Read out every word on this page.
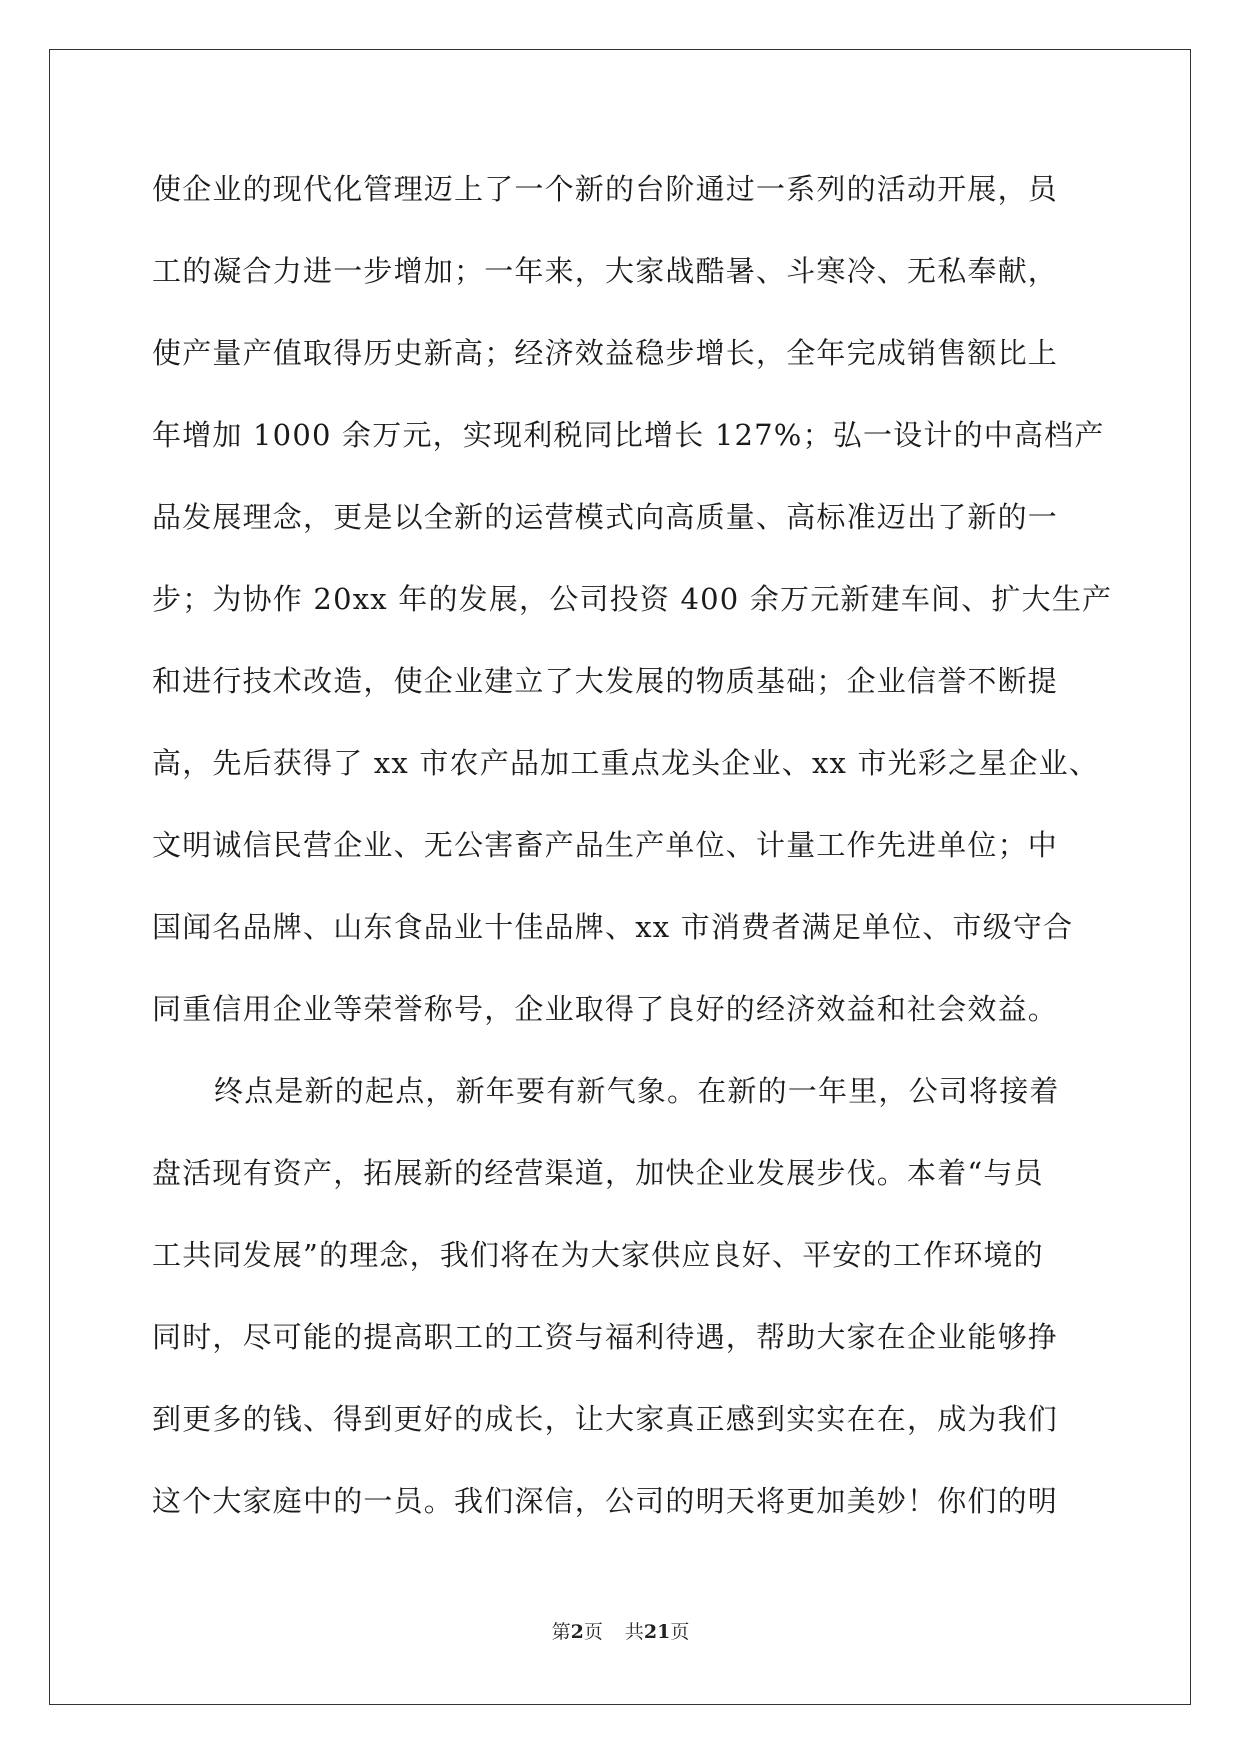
使企业的现代化管理迈上了一个新的台阶通过一系列的活动开展，员
工的凝合力进一步增加；一年来，大家战酷暑、斗寒冷、无私奉献，
使产量产值取得历史新高；经济效益稳步增长，全年完成销售额比上
年增加 1000 余万元，实现利税同比增长 127%；弘一设计的中高档产
品发展理念，更是以全新的运营模式向高质量、高标准迈出了新的一
步；为协作 20xx 年的发展，公司投资 400 余万元新建车间、扩大生产
和进行技术改造，使企业建立了大发展的物质基础；企业信誉不断提
高，先后获得了 xx 市农产品加工重点龙头企业、xx 市光彩之星企业、
文明诚信民营企业、无公害畜产品生产单位、计量工作先进单位；中
国闻名品牌、山东食品业十佳品牌、xx 市消费者满足单位、市级守合
同重信用企业等荣誉称号，企业取得了良好的经济效益和社会效益。
终点是新的起点，新年要有新气象。在新的一年里，公司将接着
盘活现有资产，拓展新的经营渠道，加快企业发展步伐。本着“与员
工共同发展”的理念，我们将在为大家供应良好、平安的工作环境的
同时，尽可能的提高职工的工资与福利待遇，帮助大家在企业能够挣
到更多的钱、得到更好的成长，让大家真正感到实实在在，成为我们
这个大家庭中的一员。我们深信，公司的明天将更加美妙！你们的明
第2页 共21页
